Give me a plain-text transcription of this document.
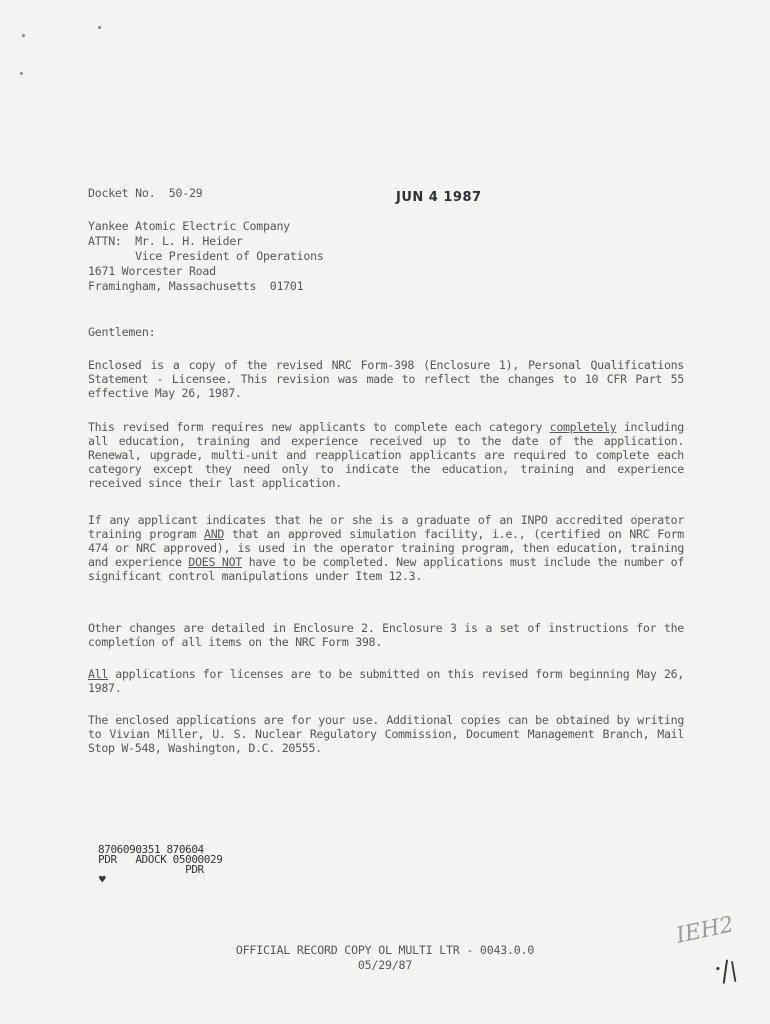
Docket No.  50-29	JUN 4 1987
Yankee Atomic Electric Company
ATTN:  Mr. L. H. Heider
Vice President of Operations
1671 Worcester Road
Framingham, Massachusetts  01701
Gentlemen:
Enclosed is a copy of the revised NRC Form-398 (Enclosure 1), Personal Qualifications Statement - Licensee. This revision was made to reflect the changes to 10 CFR Part 55 effective May 26, 1987.
This revised form requires new applicants to complete each category completely including all education, training and experience received up to the date of the application. Renewal, upgrade, multi-unit and reapplication applicants are required to complete each category except they need only to indicate the education, training and experience received since their last application.
If any applicant indicates that he or she is a graduate of an INPO accredited operator training program AND that an approved simulation facility, i.e., (certified on NRC Form 474 or NRC approved), is used in the operator training program, then education, training and experience DOES NOT have to be completed. New applications must include the number of significant control manipulations under Item 12.3.
Other changes are detailed in Enclosure 2. Enclosure 3 is a set of instructions for the completion of all items on the NRC Form 398.
All applications for licenses are to be submitted on this revised form beginning May 26, 1987.
The enclosed applications are for your use. Additional copies can be obtained by writing to Vivian Miller, U. S. Nuclear Regulatory Commission, Document Management Branch, Mail Stop W-548, Washington, D.C. 20555.
8706090351 870604
PDR   ADOCK 05000029
PDR
♥
OFFICIAL RECORD COPY OL MULTI LTR - 0043.0.0
05/29/87
IEH2
·|\
